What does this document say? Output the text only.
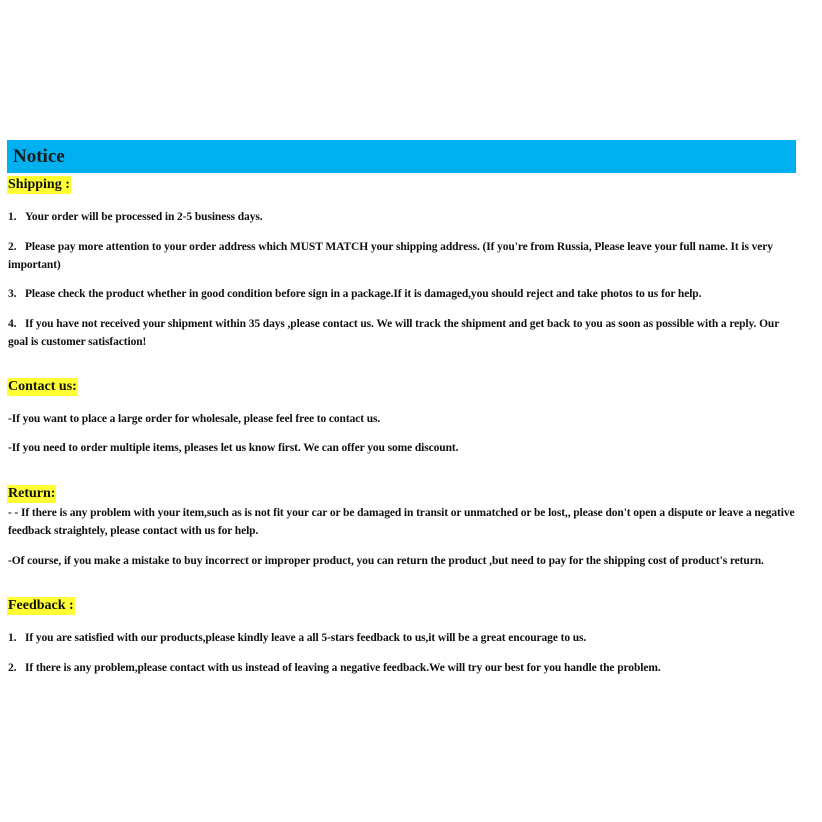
Notice
Shipping :

1. Your order will be processed in 2-5 business days.

2. Please pay more attention to your order address which MUST MATCH your shipping address. (If you're from Russia, Please leave your full name. It is very important)

3. Please check the product whether in good condition before sign in a package.If it is damaged,you should reject and take photos to us for help.

4. If you have not received your shipment within 35 days ,please contact us. We will track the shipment and get back to you as soon as possible with a reply. Our goal is customer satisfaction!

Contact us:

-If you want to place a large order for wholesale, please feel free to contact us.

-If you need to order multiple items, pleases let us know first. We can offer you some discount.

Return:

- - If there is any problem with your item,such as is not fit your car or be damaged in transit or unmatched or be lost,, please don't open a dispute or leave a negative feedback straightely, please contact with us for help.

-Of course, if you make a mistake to buy incorrect or improper product, you can return the product ,but need to pay for the shipping cost of product's return.

Feedback :

1. If you are satisfied with our products,please kindly leave a all 5-stars feedback to us,it will be a great encourage to us.

2. If there is any problem,please contact with us instead of leaving a negative feedback.We will try our best for you handle the problem.
